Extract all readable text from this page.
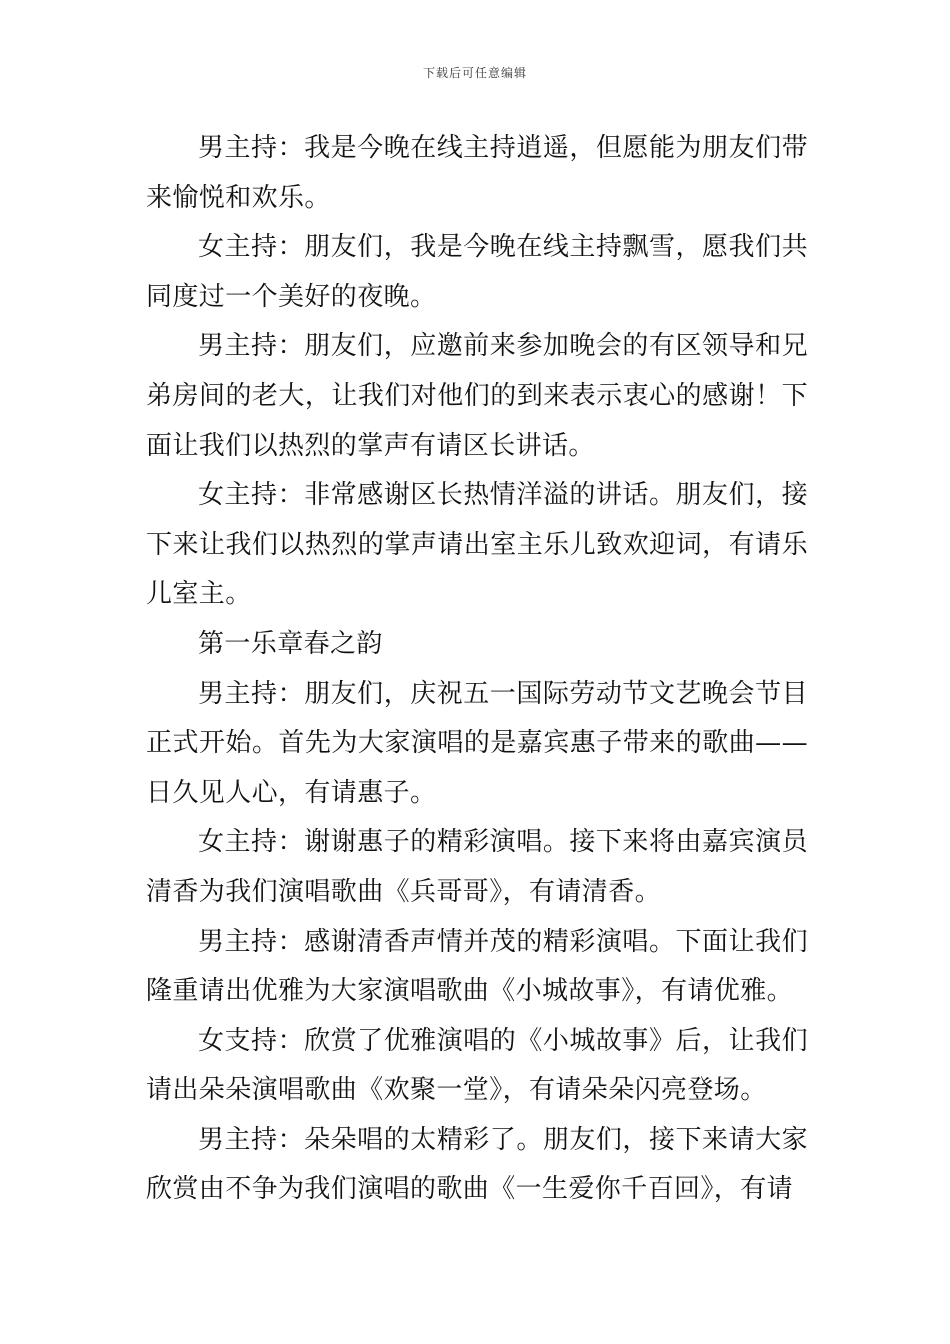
下载后可任意编辑

男主持：我是今晚在线主持逍遥，但愿能为朋友们带来愉悦和欢乐。

女主持：朋友们，我是今晚在线主持飘雪，愿我们共同度过一个美好的夜晚。

男主持：朋友们，应邀前来参加晚会的有区领导和兄弟房间的老大，让我们对他们的到来表示衷心的感谢！下面让我们以热烈的掌声有请区长讲话。

女主持：非常感谢区长热情洋溢的讲话。朋友们，接下来让我们以热烈的掌声请出室主乐儿致欢迎词，有请乐儿室主。

第一乐章春之韵

男主持：朋友们，庆祝五一国际劳动节文艺晚会节目正式开始。首先为大家演唱的是嘉宾惠子带来的歌曲——日久见人心，有请惠子。

女主持：谢谢惠子的精彩演唱。接下来将由嘉宾演员清香为我们演唱歌曲《兵哥哥》，有请清香。

男主持：感谢清香声情并茂的精彩演唱。下面让我们隆重请出优雅为大家演唱歌曲《小城故事》，有请优雅。

女支持：欣赏了优雅演唱的《小城故事》后，让我们请出朵朵演唱歌曲《欢聚一堂》，有请朵朵闪亮登场。

男主持：朵朵唱的太精彩了。朋友们，接下来请大家欣赏由不争为我们演唱的歌曲《一生爱你千百回》，有请
